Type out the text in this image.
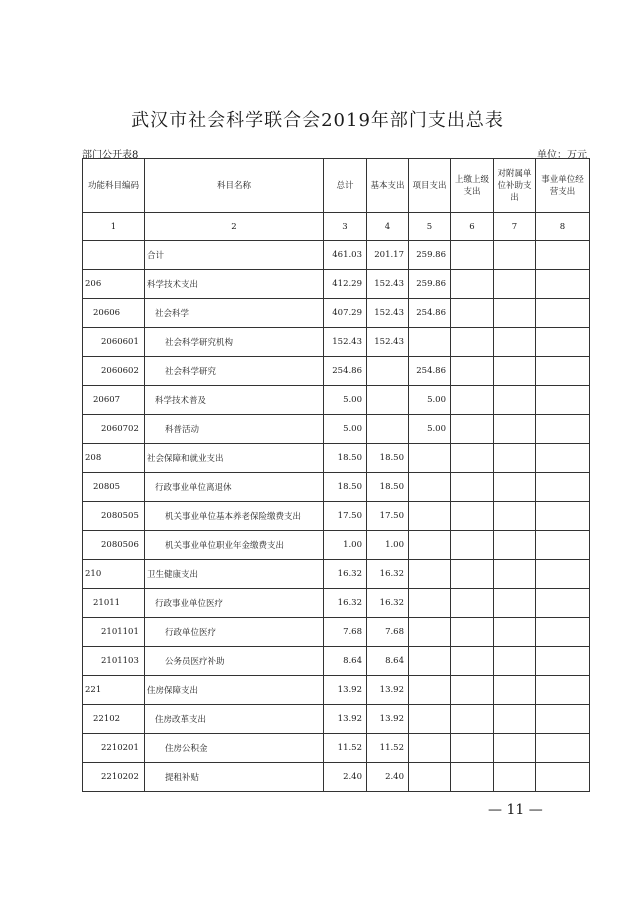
武汉市社会科学联合会2019年部门支出总表
部门公开表8	单位：万元
功能科目编码	科目名称	总计	基本支出	项目支出	上缴上级支出	对附属单位补助支出	事业单位经营支出
1	2	3	4	5	6	7	8
	合计	461.03	201.17	259.86			
206	科学技术支出	412.29	152.43	259.86			
20606	社会科学	407.29	152.43	254.86			
2060601	社会科学研究机构	152.43	152.43				
2060602	社会科学研究	254.86		254.86			
20607	科学技术普及	5.00		5.00			
2060702	科普活动	5.00		5.00			
208	社会保障和就业支出	18.50	18.50				
20805	行政事业单位离退休	18.50	18.50				
2080505	机关事业单位基本养老保险缴费支出	17.50	17.50				
2080506	机关事业单位职业年金缴费支出	1.00	1.00				
210	卫生健康支出	16.32	16.32				
21011	行政事业单位医疗	16.32	16.32				
2101101	行政单位医疗	7.68	7.68				
2101103	公务员医疗补助	8.64	8.64				
221	住房保障支出	13.92	13.92				
22102	住房改革支出	13.92	13.92				
2210201	住房公积金	11.52	11.52				
2210202	提租补贴	2.40	2.40				
— 11 —
